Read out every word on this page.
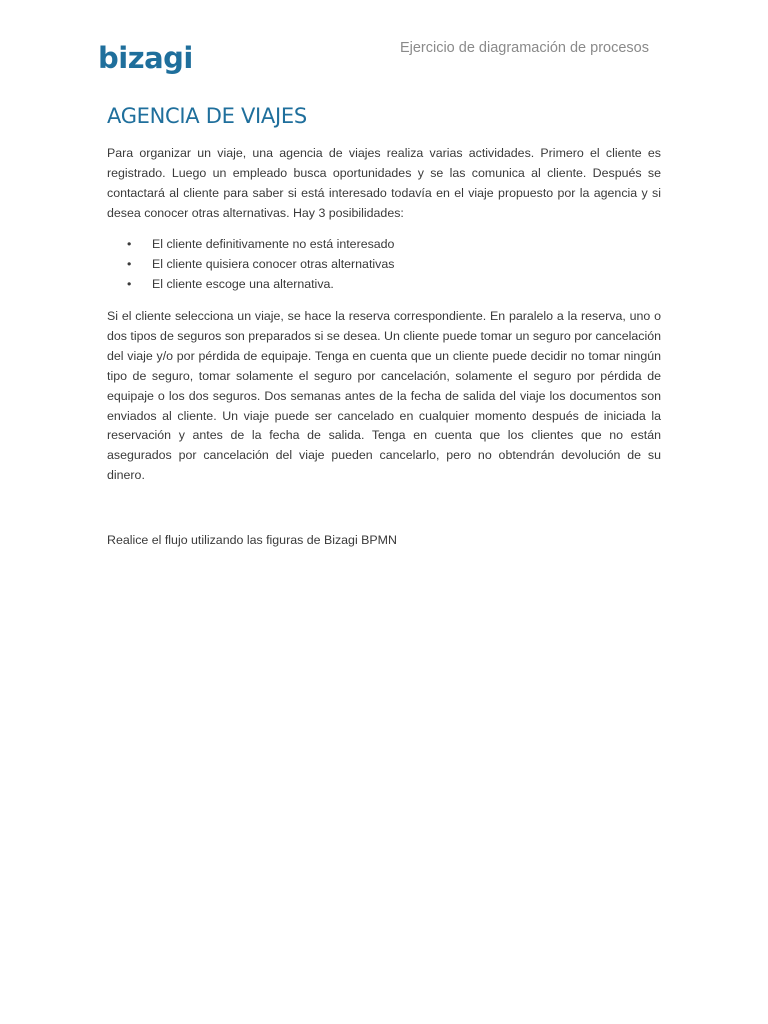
bizagi	Ejercicio de diagramación de procesos
AGENCIA DE VIAJES

Para organizar un viaje, una agencia de viajes realiza varias actividades. Primero el cliente es registrado. Luego un empleado busca oportunidades y se las comunica al cliente. Después se contactará al cliente para saber si está interesado todavía en el viaje propuesto por la agencia y si desea conocer otras alternativas. Hay 3 posibilidades:

• El cliente definitivamente no está interesado
• El cliente quisiera conocer otras alternativas
• El cliente escoge una alternativa.

Si el cliente selecciona un viaje, se hace la reserva correspondiente. En paralelo a la reserva, uno o dos tipos de seguros son preparados si se desea. Un cliente puede tomar un seguro por cancelación del viaje y/o por pérdida de equipaje. Tenga en cuenta que un cliente puede decidir no tomar ningún tipo de seguro, tomar solamente el seguro por cancelación, solamente el seguro por pérdida de equipaje o los dos seguros. Dos semanas antes de la fecha de salida del viaje los documentos son enviados al cliente. Un viaje puede ser cancelado en cualquier momento después de iniciada la reservación y antes de la fecha de salida. Tenga en cuenta que los clientes que no están asegurados por cancelación del viaje pueden cancelarlo, pero no obtendrán devolución de su dinero.

Realice el flujo utilizando las figuras de Bizagi BPMN
